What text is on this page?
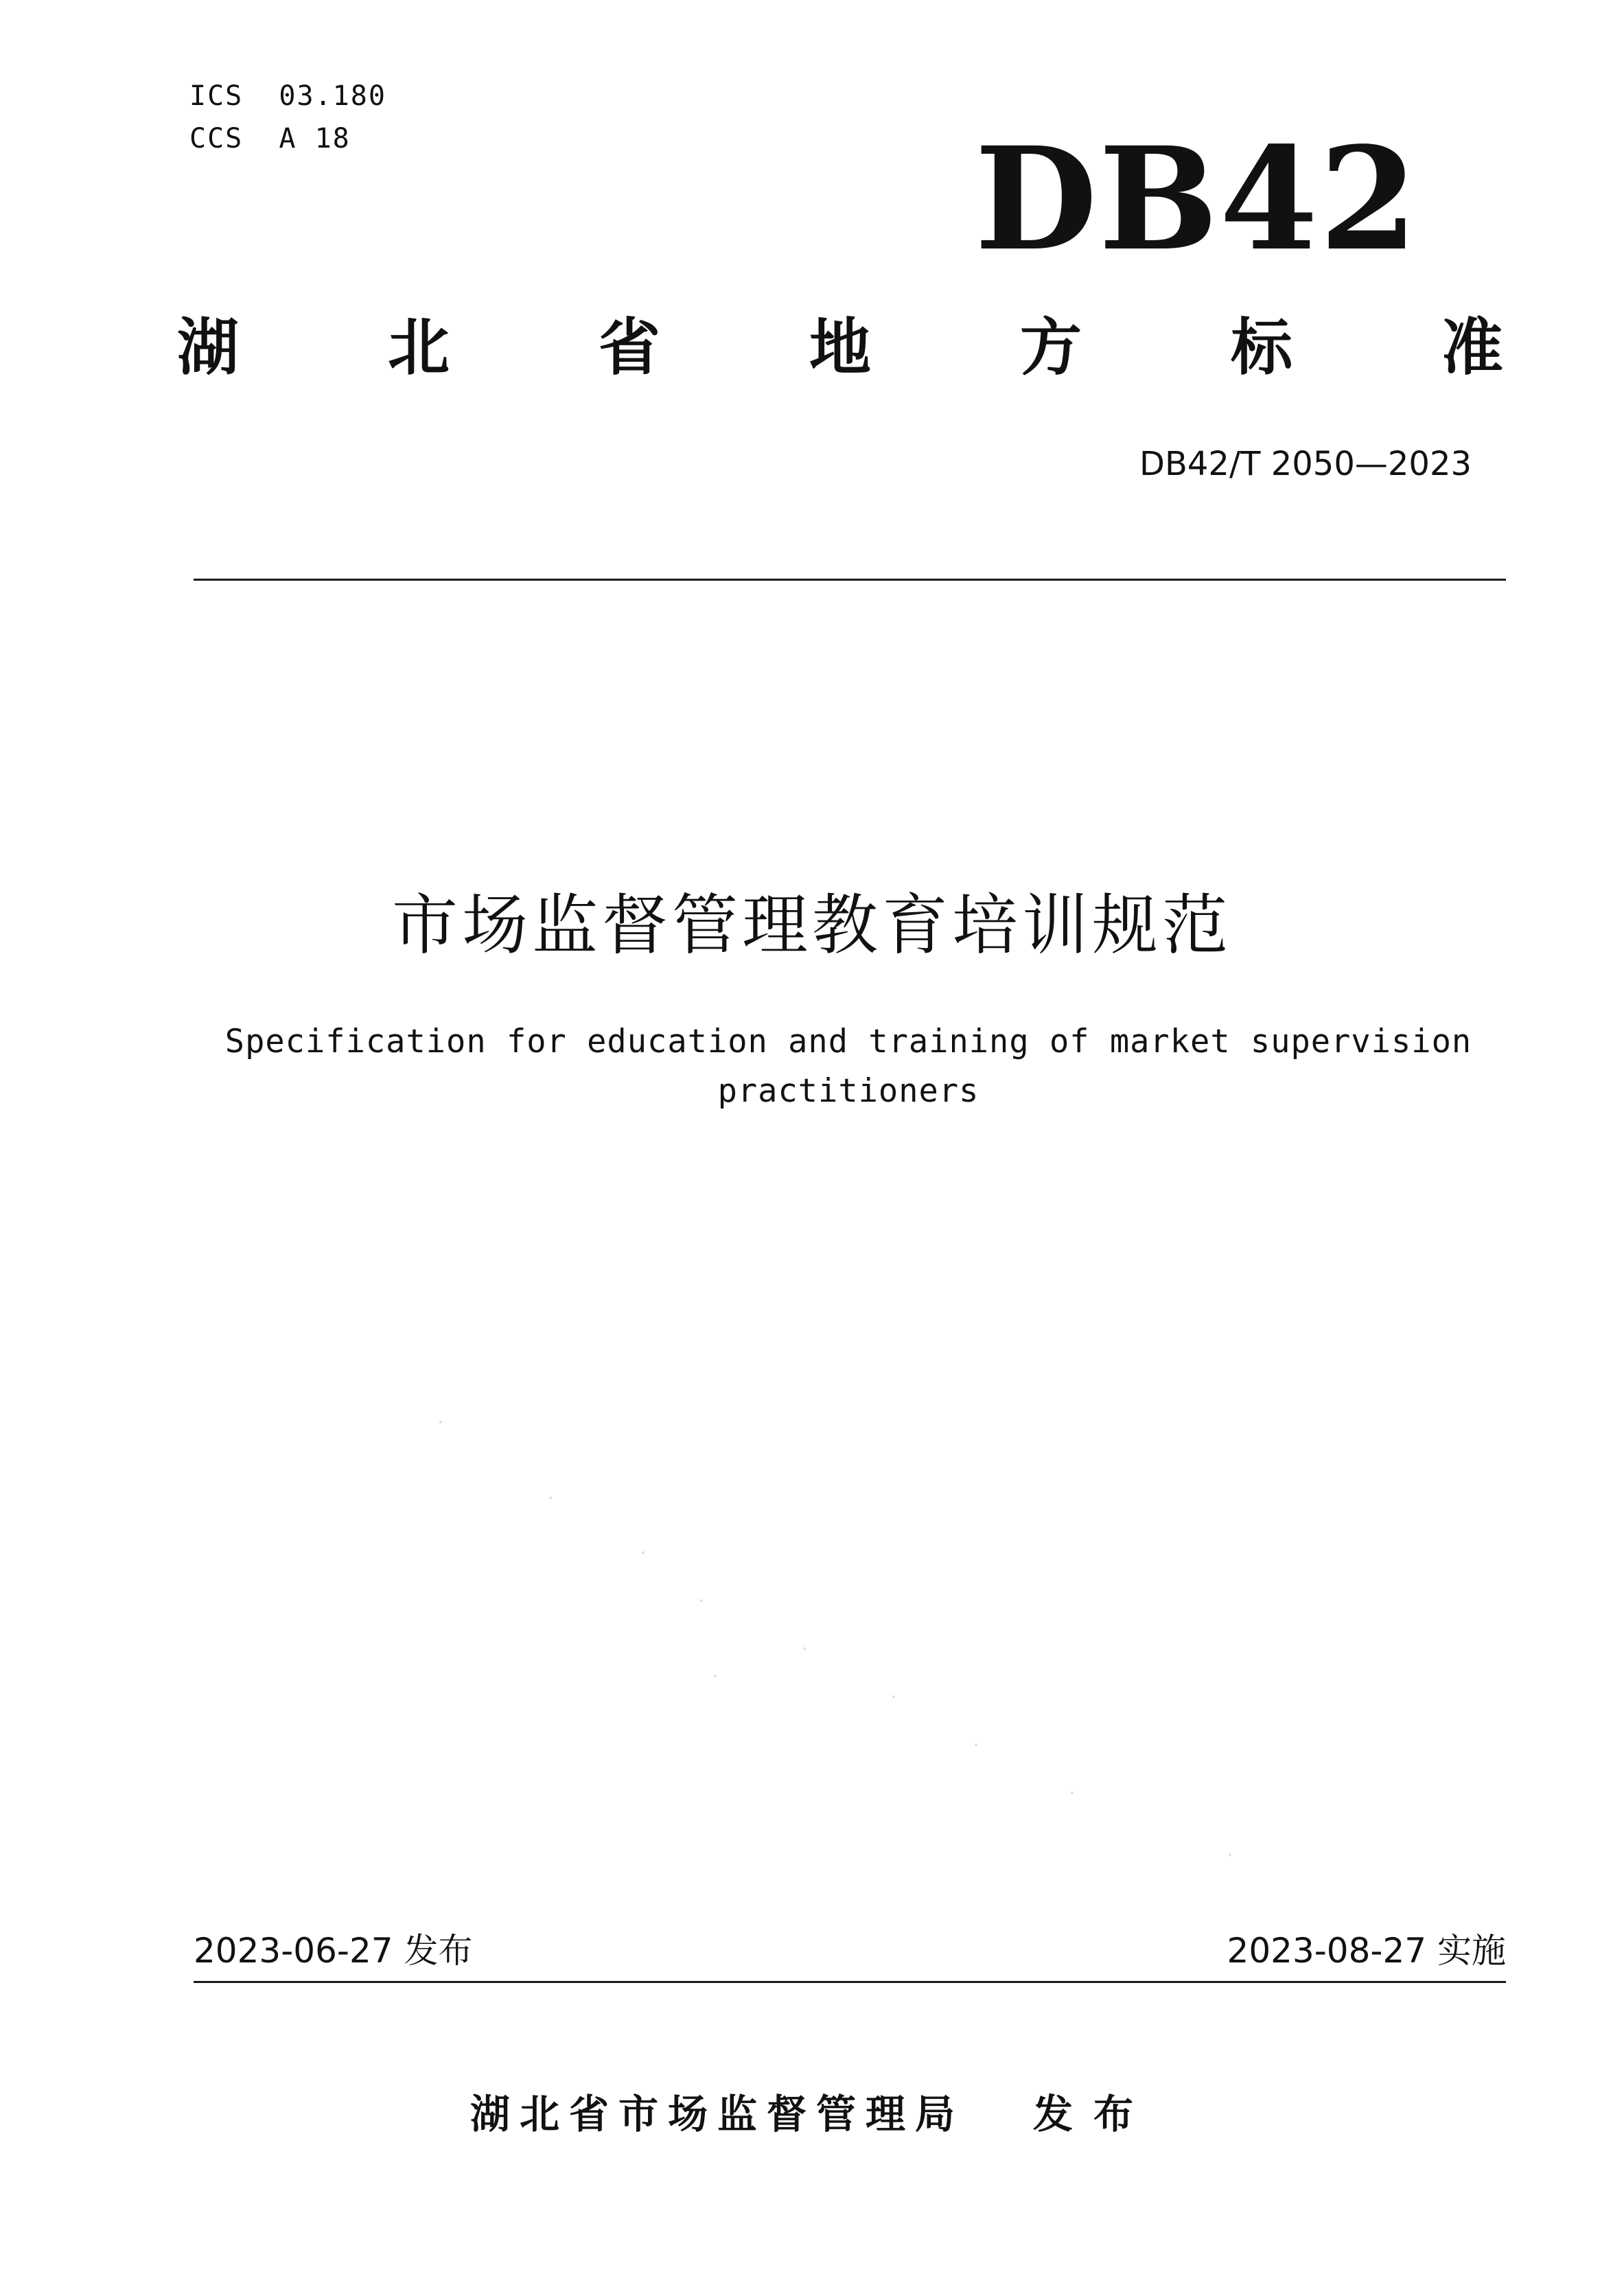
ICS  03.180
CCS  A 18	DB42
湖 北 省 地 方 标 准
DB42/T 2050—2023
市场监督管理教育培训规范
Specification for education and training of market supervision
practitioners
2023-06-27 发布	2023-08-27 实施
湖北省市场监督管理局 发布
